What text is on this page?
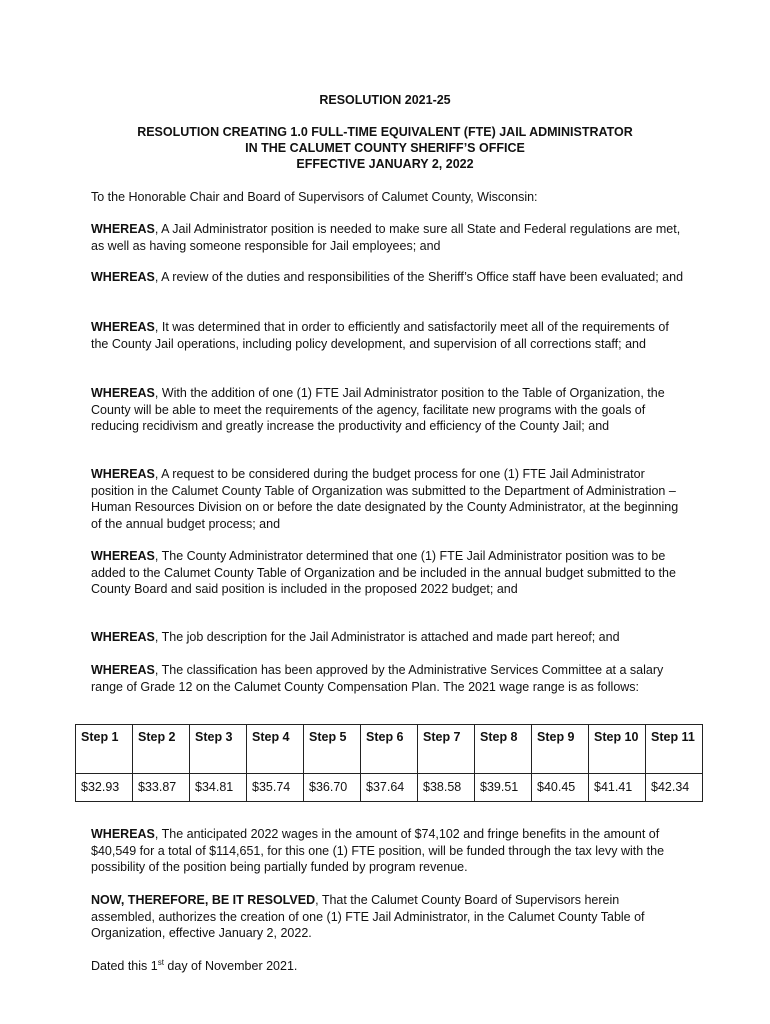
RESOLUTION 2021-25
RESOLUTION CREATING 1.0 FULL-TIME EQUIVALENT (FTE) JAIL ADMINISTRATOR
IN THE CALUMET COUNTY SHERIFF’S OFFICE
EFFECTIVE JANUARY 2, 2022

To the Honorable Chair and Board of Supervisors of Calumet County, Wisconsin:

WHEREAS, A Jail Administrator position is needed to make sure all State and Federal regulations are met, as well as having someone responsible for Jail employees; and

WHEREAS, A review of the duties and responsibilities of the Sheriff’s Office staff have been evaluated; and

WHEREAS, It was determined that in order to efficiently and satisfactorily meet all of the requirements of the County Jail operations, including policy development, and supervision of all corrections staff; and

WHEREAS, With the addition of one (1) FTE Jail Administrator position to the Table of Organization, the County will be able to meet the requirements of the agency, facilitate new programs with the goals of reducing recidivism and greatly increase the productivity and efficiency of the County Jail; and

WHEREAS, A request to be considered during the budget process for one (1) FTE Jail Administrator position in the Calumet County Table of Organization was submitted to the Department of Administration – Human Resources Division on or before the date designated by the County Administrator, at the beginning of the annual budget process; and

WHEREAS, The County Administrator determined that one (1) FTE Jail Administrator position was to be added to the Calumet County Table of Organization and be included in the annual budget submitted to the County Board and said position is included in the proposed 2022 budget; and

WHEREAS, The job description for the Jail Administrator is attached and made part hereof; and

WHEREAS, The classification has been approved by the Administrative Services Committee at a salary range of Grade 12 on the Calumet County Compensation Plan. The 2021 wage range is as follows:

Step 1	Step 2	Step 3	Step 4	Step 5	Step 6	Step 7	Step 8	Step 9	Step 10	Step 11
$32.93	$33.87	$34.81	$35.74	$36.70	$37.64	$38.58	$39.51	$40.45	$41.41	$42.34

WHEREAS, The anticipated 2022 wages in the amount of $74,102 and fringe benefits in the amount of $40,549 for a total of $114,651, for this one (1) FTE position, will be funded through the tax levy with the possibility of the position being partially funded by program revenue.

NOW, THEREFORE, BE IT RESOLVED, That the Calumet County Board of Supervisors herein assembled, authorizes the creation of one (1) FTE Jail Administrator, in the Calumet County Table of Organization, effective January 2, 2022.

Dated this 1st day of November 2021.
